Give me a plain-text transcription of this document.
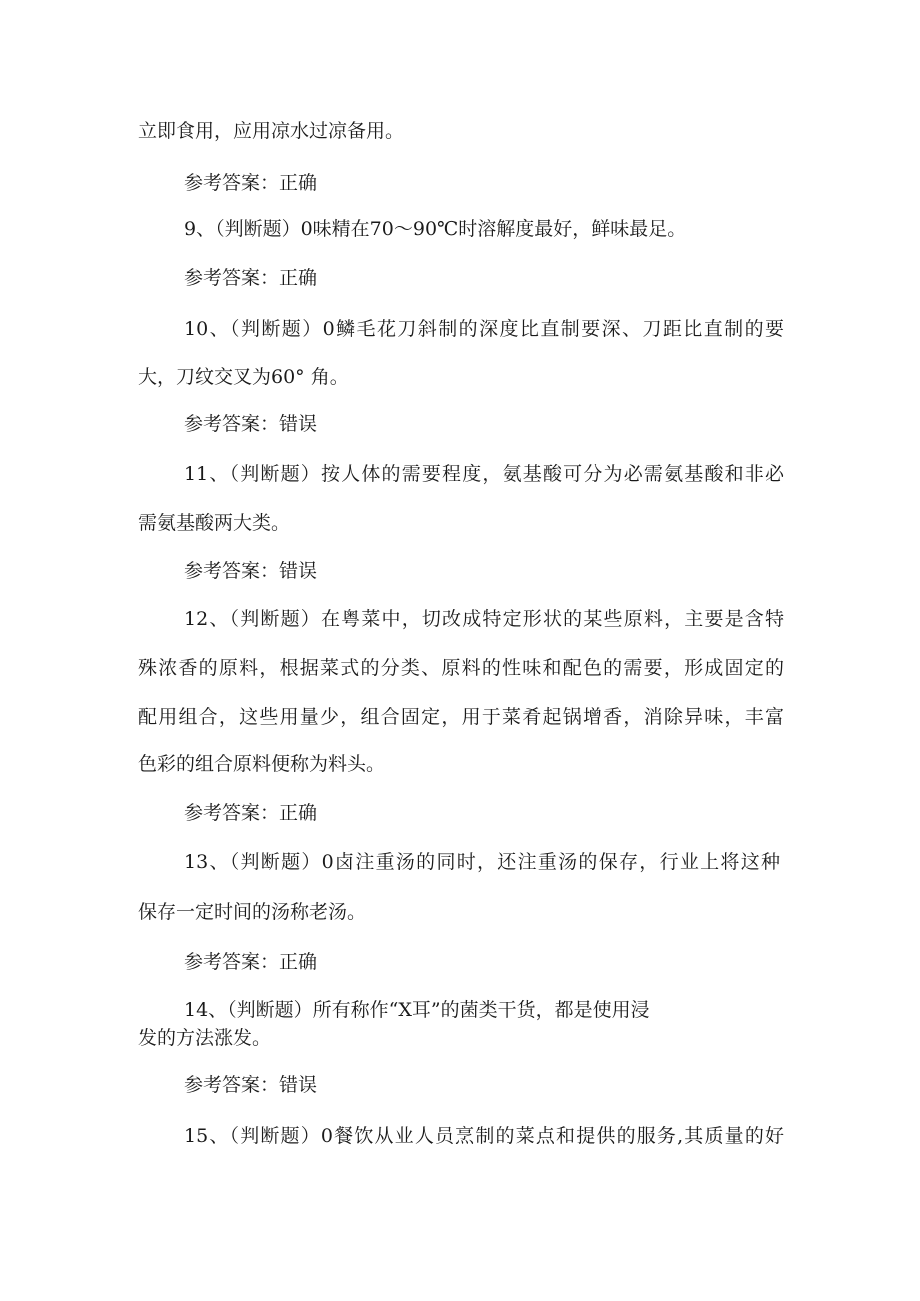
立即食用，应用凉水过凉备用。
参考答案：正确
9、（判断题）0味精在70～90℃时溶解度最好，鲜味最足。
参考答案：正确
10、（判断题）0鳞毛花刀斜制的深度比直制要深、刀距比直制的要
大，刀纹交叉为60° 角。
参考答案：错误
11、（判断题）按人体的需要程度，氨基酸可分为必需氨基酸和非必
需氨基酸两大类。
参考答案：错误
12、（判断题）在粤菜中，切改成特定形状的某些原料，主要是含特
殊浓香的原料，根据菜式的分类、原料的性味和配色的需要，形成固定的
配用组合，这些用量少，组合固定，用于菜肴起锅增香，消除异味，丰富
色彩的组合原料便称为料头。
参考答案：正确
13、（判断题）0卤注重汤的同时，还注重汤的保存，行业上将这种
保存一定时间的汤称老汤。
参考答案：正确
14、（判断题）所有称作“X耳”的菌类干货，都是使用浸
发的方法涨发。
参考答案：错误
15、（判断题）0餐饮从业人员烹制的菜点和提供的服务,其质量的好
